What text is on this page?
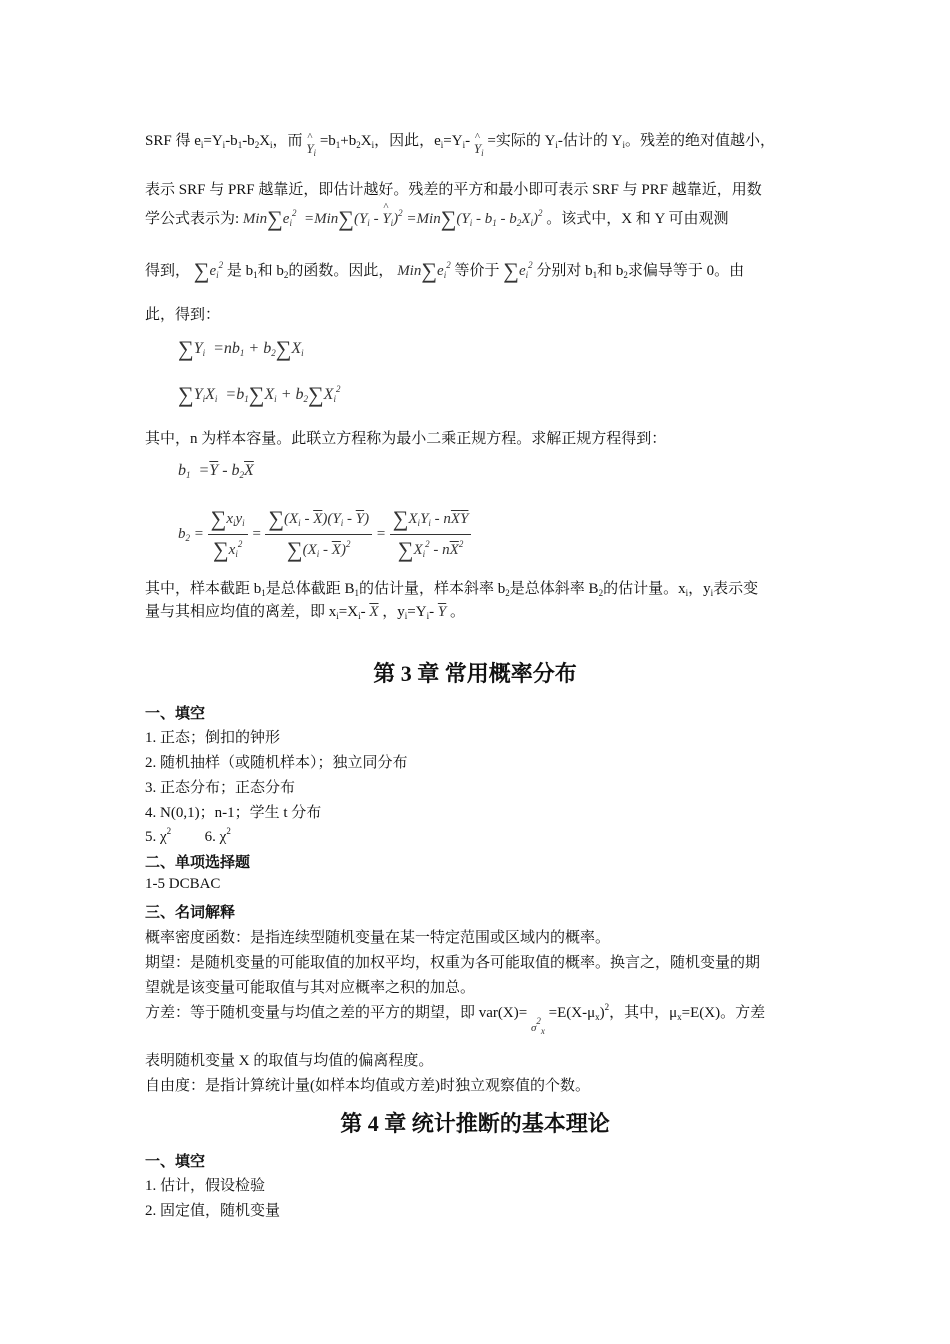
SRF 得 $e_i=Y_i-b_1-b_2X_i$，而 ^ $Y_i =b_1+b_2X_i$，因此，$e_i=Y_i-$ ^ $Y_i$ =实际的 $Y_i-$估计的 $Y_i$。残差的绝对值越小，
表示 SRF 与 PRF 越靠近，即估计越好。残差的平方和最小即可表示 SRF 与 PRF 越靠近，用数
学公式表示为: $Min\sum e_i^2 =Min\sum(Y_i$ - ^ $Y_i)^2 =Min\sum(Y_i - b_1 - b_2X_i)^2$ 。该式中，X 和 Y 可由观测
得到， $\sum e_i^2$ 是 $b_1$和 $b_2$的函数。因此， $Min\sum e_i^2$ 等价于 $\sum e_i^2$ 分别对 $b_1$和 $b_2$求偏导等于 0。由
此，得到：
$\sum Y_i =nb_1 + b_2\sum X_i$
$\sum Y_iX_i =b_1\sum X_i + b_2\sum X_i^2$
其中，n 为样本容量。此联立方程称为最小二乘正规方程。求解正规方程得到：
$b_1 =\overline{Y} - b_2\overline{X}$
$b_2 = \frac{\sum x_iy_i}{\sum x_i^2} = \frac{\sum(X_i - \overline{X})(Y_i - \overline{Y})}{\sum(X_i - \overline{X})^2} = \frac{\sum X_iY_i - n\overline{X}\overline{Y}}{\sum X_i^2 - n\overline{X}^2}$
其中，样本截距 $b_1$是总体截距 $B_1$的估计量，样本斜率 $b_2$是总体斜率 $B_2$的估计量。$x_i$，$y_i$表示变
量与其相应均值的离差，即 $x_i=X_i-$ $\overline{X}$ ，$y_i=Y_i-$ $\overline{Y}$ 。
第 3 章 常用概率分布
一、填空
1. 正态；倒扣的钟形
2. 随机抽样（或随机样本）；独立同分布
3. 正态分布；正态分布
4. N(0,1)；n-1；学生 t 分布
5. $\chi^2$ 6. $\chi^2$
二、单项选择题
1-5 DCBAC
三、名词解释
概率密度函数：是指连续型随机变量在某一特定范围或区域内的概率。
期望：是随机变量的可能取值的加权平均，权重为各可能取值的概率。换言之，随机变量的期
望就是该变量可能取值与其对应概率之积的加总。
方差：等于随机变量与均值之差的平方的期望，即 $var(X)= _{\sigma^2_x} =E(X-\mu_x)^2$，其中，$\mu_x=E(X)$。方差
表明随机变量 X 的取值与均值的偏离程度。
自由度：是指计算统计量(如样本均值或方差)时独立观察值的个数。
第 4 章 统计推断的基本理论
一、填空
1. 估计，假设检验
2. 固定值，随机变量
